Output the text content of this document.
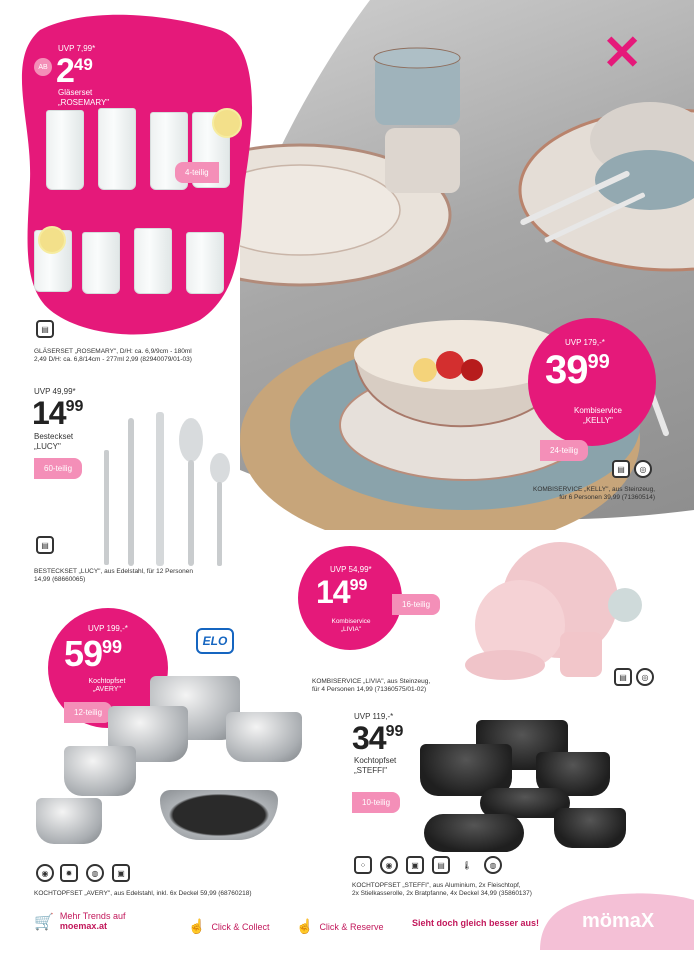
✕
AB
UVP 7,99*
$2^{49}$
Gläserset
„ROSEMARY"
4-teilig
▤
GLÄSERSET „ROSEMARY", D/H: ca. 6,9/9cm - 180ml
2,49 D/H: ca. 6,8/14cm - 277ml 2,99 (82940079/01-03)
UVP 49,99*
$14^{99}$
Besteckset
„LUCY"
60-teilig
▤
BESTECKSET „LUCY", aus Edelstahl, für 12 Personen
14,99 (68660065)
UVP 179,-*
$39^{99}$
Kombiservice
„KELLY"
24-teilig
▤	◎
KOMBISERVICE „KELLY", aus Steinzeug,
für 6 Personen 39,99 (71360514)
UVP 54,99*
$14^{99}$
Kombiservice
„LIVIA"
16-teilig
▤	◎
KOMBISERVICE „LIVIA", aus Steinzeug,
für 4 Personen 14,99 (71360575/01-02)
UVP 199,-*
$59^{99}$
Kochtopfset
„AVERY"
12-teilig
ELO
◉	✹	◍	▣
KOCHTOPFSET „AVERY", aus Edelstahl, inkl. 6x Deckel 59,99 (68760218)
UVP 119,-*
$34^{99}$
Kochtopfset
„STEFFI"
10-teilig
⁘	◉	▣	▤	🌡	◍
KOCHTOPFSET „STEFFI", aus Aluminium, 2x Fleischtopf,
2x Stielkasserolle, 2x Bratpfanne, 4x Deckel 34,99 (35860137)
🛒 Mehr Trends auf
moemax.at	☝ Click & Collect ☝ Click & Reserve	Sieht doch gleich besser aus! mömaX
